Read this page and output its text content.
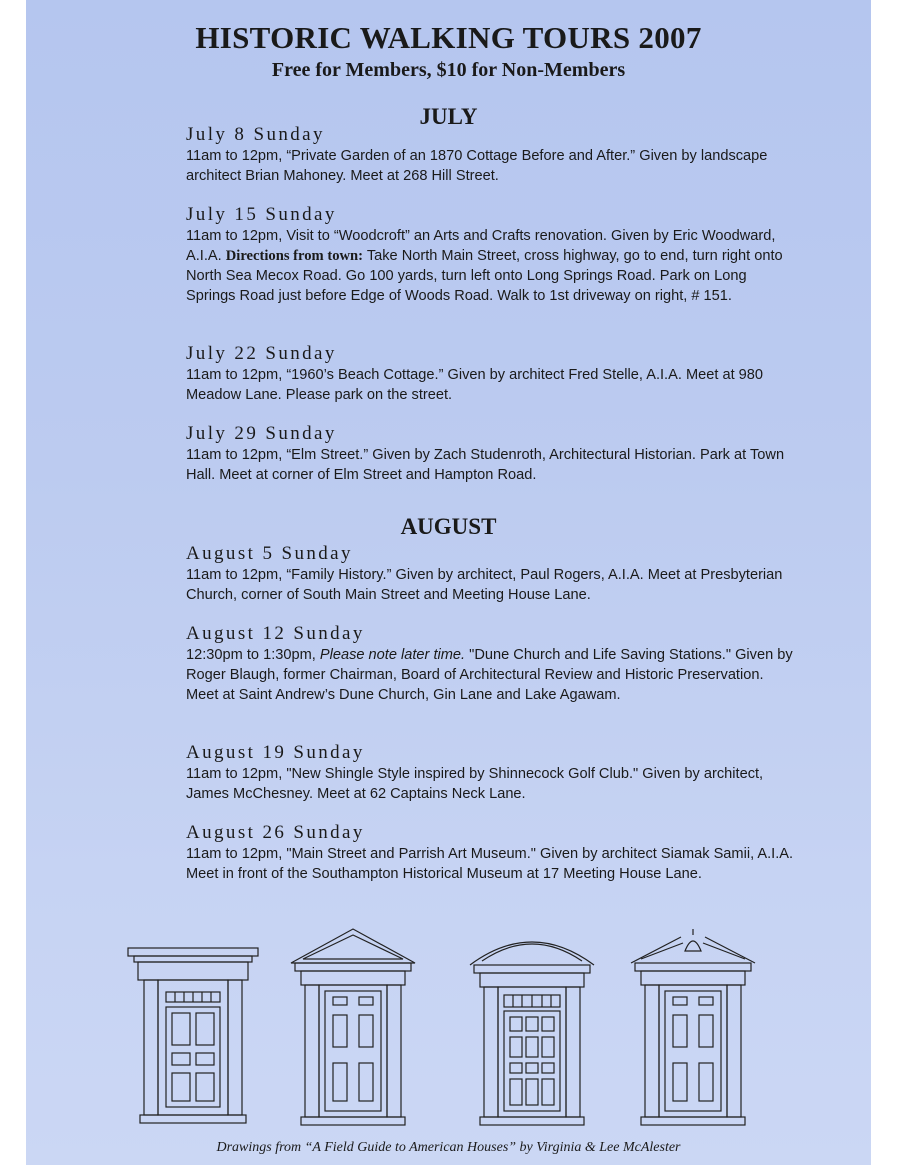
HISTORIC WALKING TOURS 2007
Free for Members, $10 for Non-Members
JULY
July 8 Sunday
11am to 12pm, “Private Garden of an 1870 Cottage Before and After.” Given by landscape architect Brian Mahoney. Meet at 268 Hill Street.
July 15 Sunday
11am to 12pm, Visit to “Woodcroft” an Arts and Crafts renovation. Given by Eric Woodward, A.I.A. Directions from town: Take North Main Street, cross highway, go to end, turn right onto North Sea Mecox Road. Go 100 yards, turn left onto Long Springs Road. Park on Long Springs Road just before Edge of Woods Road. Walk to 1st driveway on right, # 151.
July 22 Sunday
11am to 12pm, “1960’s Beach Cottage.” Given by architect Fred Stelle, A.I.A. Meet at 980 Meadow Lane. Please park on the street.
July 29 Sunday
11am to 12pm, “Elm Street.” Given by Zach Studenroth, Architectural Historian. Park at Town Hall. Meet at corner of Elm Street and Hampton Road.
AUGUST
August 5 Sunday
11am to 12pm, “Family History.” Given by architect, Paul Rogers, A.I.A. Meet at Presbyterian Church, corner of South Main Street and Meeting House Lane.
August 12 Sunday
12:30pm to 1:30pm, Please note later time. "Dune Church and Life Saving Stations." Given by Roger Blaugh, former Chairman, Board of Architectural Review and Historic Preservation. Meet at Saint Andrew’s Dune Church, Gin Lane and Lake Agawam.
August 19 Sunday
11am to 12pm, "New Shingle Style inspired by Shinnecock Golf Club." Given by architect, James McChesney. Meet at 62 Captains Neck Lane.
August 26 Sunday
11am to 12pm, "Main Street and Parrish Art Museum." Given by architect Siamak Samii, A.I.A. Meet in front of the Southampton Historical Museum at 17 Meeting House Lane.
Drawings from “A Field Guide to American Houses” by Virginia & Lee McAlester
